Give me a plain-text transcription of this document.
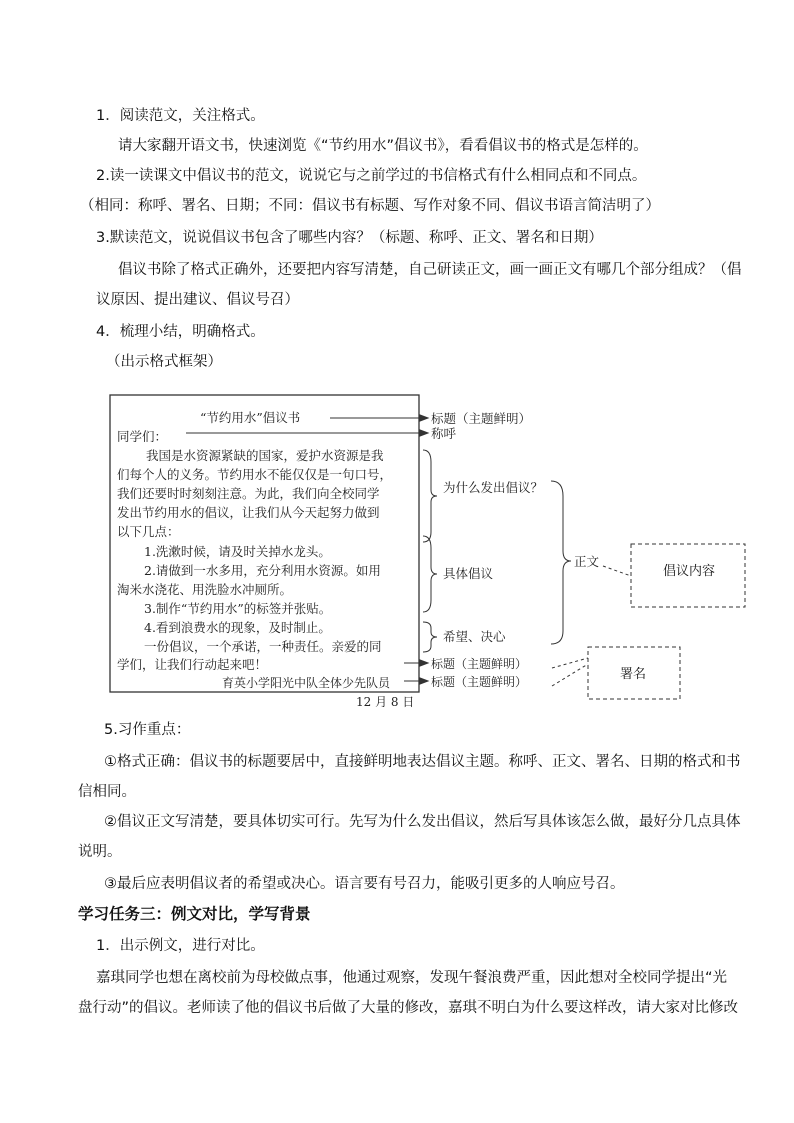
1．阅读范文，关注格式。
请大家翻开语文书，快速浏览《“节约用水”倡议书》，看看倡议书的格式是怎样的。
2.读一读课文中倡议书的范文，说说它与之前学过的书信格式有什么相同点和不同点。
（相同：称呼、署名、日期；不同：倡议书有标题、写作对象不同、倡议书语言简洁明了）
3.默读范文，说说倡议书包含了哪些内容？（标题、称呼、正文、署名和日期）
倡议书除了格式正确外，还要把内容写清楚，自己研读正文，画一画正文有哪几个部分组成？（倡
议原因、提出建议、倡议号召）
4．梳理小结，明确格式。
（出示格式框架）
“节约用水”倡议书
同学们：
我国是水资源紧缺的国家，爱护水资源是我
们每个人的义务。节约用水不能仅仅是一句口号，
我们还要时时刻刻注意。为此，我们向全校同学
发出节约用水的倡议，让我们从今天起努力做到
以下几点：
1.洗漱时候，请及时关掉水龙头。
2.请做到一水多用，充分利用水资源。如用
淘米水浇花、用洗脸水冲厕所。
3.制作“节约用水”的标签并张贴。
4.看到浪费水的现象，及时制止。
一份倡议，一个承诺，一种责任。亲爱的同
学们，让我们行动起来吧！
育英小学阳光中队全体少先队员
12 月 8 日
标题（主题鲜明）
称呼
为什么发出倡议？
具体倡议
希望、决心
标题（主题鲜明）
标题（主题鲜明）
正文
倡议内容
署名
5.习作重点：
①格式正确：倡议书的标题要居中，直接鲜明地表达倡议主题。称呼、正文、署名、日期的格式和书
信相同。
②倡议正文写清楚，要具体切实可行。先写为什么发出倡议，然后写具体该怎么做，最好分几点具体
说明。
③最后应表明倡议者的希望或决心。语言要有号召力，能吸引更多的人响应号召。
学习任务三：例文对比，学写背景
1．出示例文，进行对比。
嘉琪同学也想在离校前为母校做点事，他通过观察，发现午餐浪费严重，因此想对全校同学提出“光
盘行动”的倡议。老师读了他的倡议书后做了大量的修改，嘉琪不明白为什么要这样改，请大家对比修改
